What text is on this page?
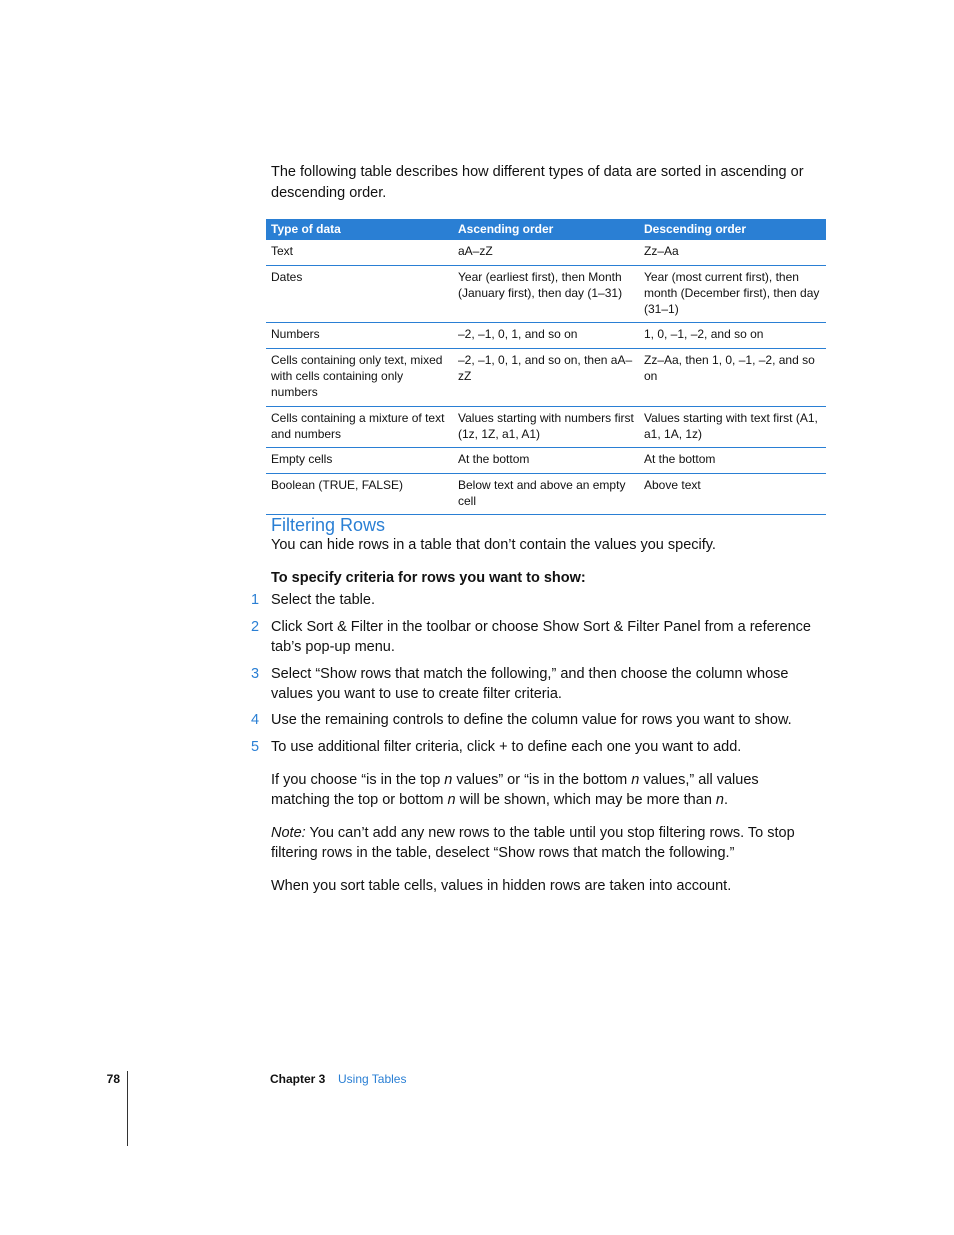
The following table describes how different types of data are sorted in ascending or descending order.

Type of data	Ascending order	Descending order
Text	aA–zZ	Zz–Aa
Dates	Year (earliest first), then Month (January first), then day (1–31)	Year (most current first), then month (December first), then day (31–1)
Numbers	–2, –1, 0, 1, and so on	1, 0, –1, –2, and so on
Cells containing only text, mixed with cells containing only numbers	–2, –1, 0, 1, and so on, then aA–zZ	Zz–Aa, then 1, 0, –1, –2, and so on
Cells containing a mixture of text and numbers	Values starting with numbers first (1z, 1Z, a1, A1)	Values starting with text first (A1, a1, 1A, 1z)
Empty cells	At the bottom	At the bottom
Boolean (TRUE, FALSE)	Below text and above an empty cell	Above text
Filtering Rows

You can hide rows in a table that don’t contain the values you specify.

To specify criteria for rows you want to show:

1 Select the table.
2 Click Sort & Filter in the toolbar or choose Show Sort & Filter Panel from a reference tab’s pop-up menu.
3 Select “Show rows that match the following,” and then choose the column whose values you want to use to create filter criteria.
4 Use the remaining controls to define the column value for rows you want to show.
5 To use additional filter criteria, click + to define each one you want to add.

If you choose “is in the top n values” or “is in the bottom n values,” all values matching the top or bottom n will be shown, which may be more than n.

Note: You can’t add any new rows to the table until you stop filtering rows. To stop filtering rows in the table, deselect “Show rows that match the following.”

When you sort table cells, values in hidden rows are taken into account.

78	Chapter 3 Using Tables
